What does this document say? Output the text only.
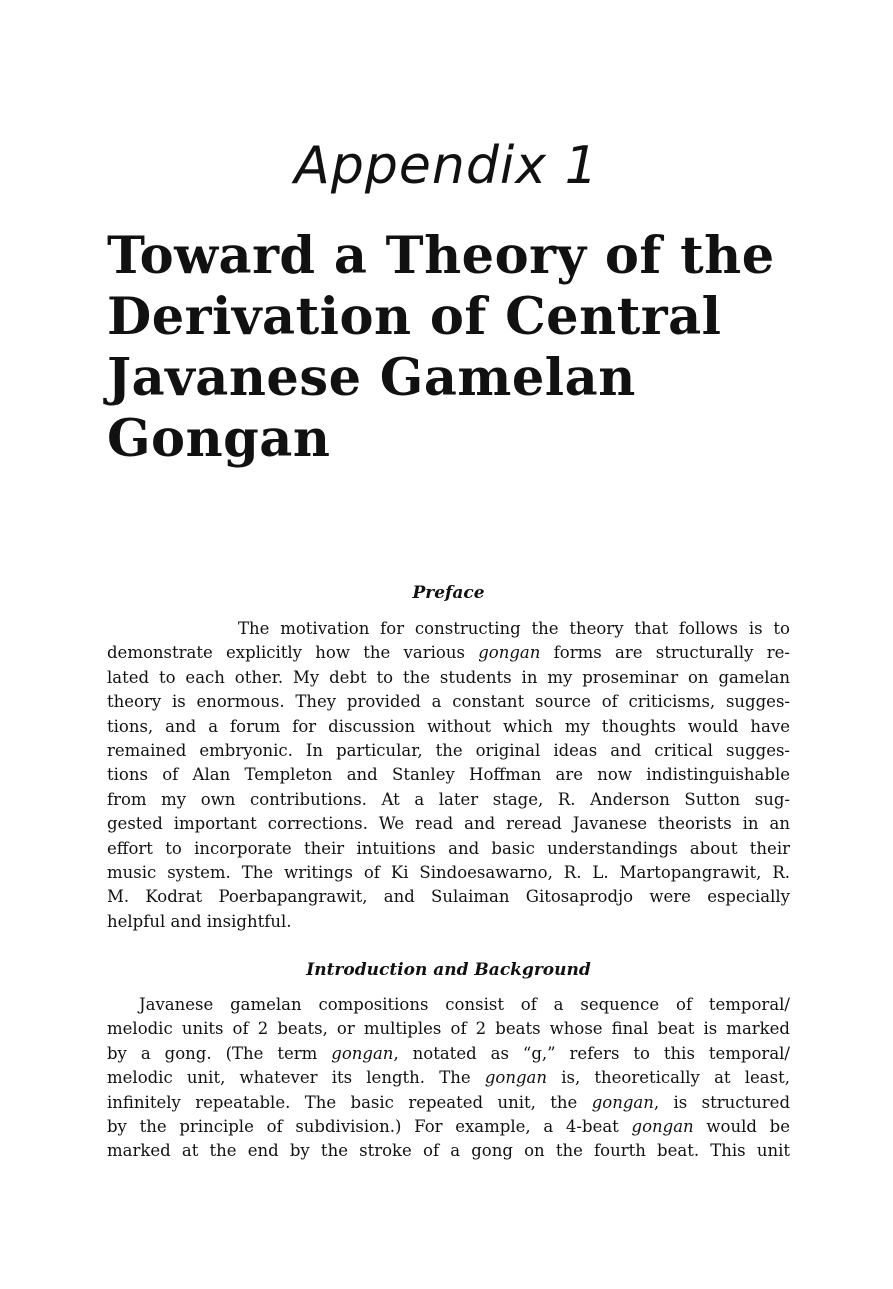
Appendix 1
Toward a Theory of the
Derivation of Central
Javanese Gamelan
Gongan
Preface

The motivation for constructing the theory that follows is to
demonstrate explicitly how the various gongan forms are structurally re-
lated to each other. My debt to the students in my proseminar on gamelan
theory is enormous. They provided a constant source of criticisms, sugges-
tions, and a forum for discussion without which my thoughts would have
remained embryonic. In particular, the original ideas and critical sugges-
tions of Alan Templeton and Stanley Hoffman are now indistinguishable
from my own contributions. At a later stage, R. Anderson Sutton sug-
gested important corrections. We read and reread Javanese theorists in an
effort to incorporate their intuitions and basic understandings about their
music system. The writings of Ki Sindoesawarno, R. L. Martopangrawit, R.
M. Kodrat Poerbapangrawit, and Sulaiman Gitosaprodjo were especially
helpful and insightful.

Introduction and Background

Javanese gamelan compositions consist of a sequence of temporal/
melodic units of 2 beats, or multiples of 2 beats whose final beat is marked
by a gong. (The term gongan, notated as “g,” refers to this temporal/
melodic unit, whatever its length. The gongan is, theoretically at least,
infinitely repeatable. The basic repeated unit, the gongan, is structured
by the principle of subdivision.) For example, a 4-beat gongan would be
marked at the end by the stroke of a gong on the fourth beat. This unit
